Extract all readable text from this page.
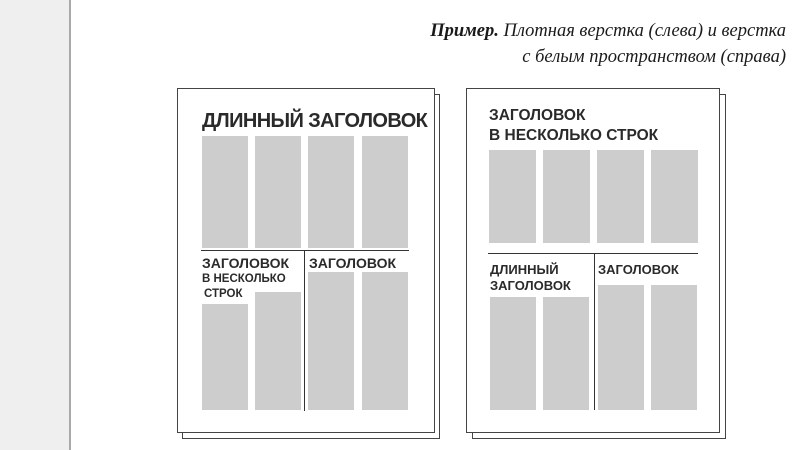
Пример. Плотная верстка (слева) и верстка
с белым пространством (справа)
ДЛИННЫЙ ЗАГОЛОВОК
ЗАГОЛОВОК
В НЕСКОЛЬКО
СТРОК
ЗАГОЛОВОК
ЗАГОЛОВОК
В НЕСКОЛЬКО СТРОК
ДЛИННЫЙ
ЗАГОЛОВОК
ЗАГОЛОВОК
